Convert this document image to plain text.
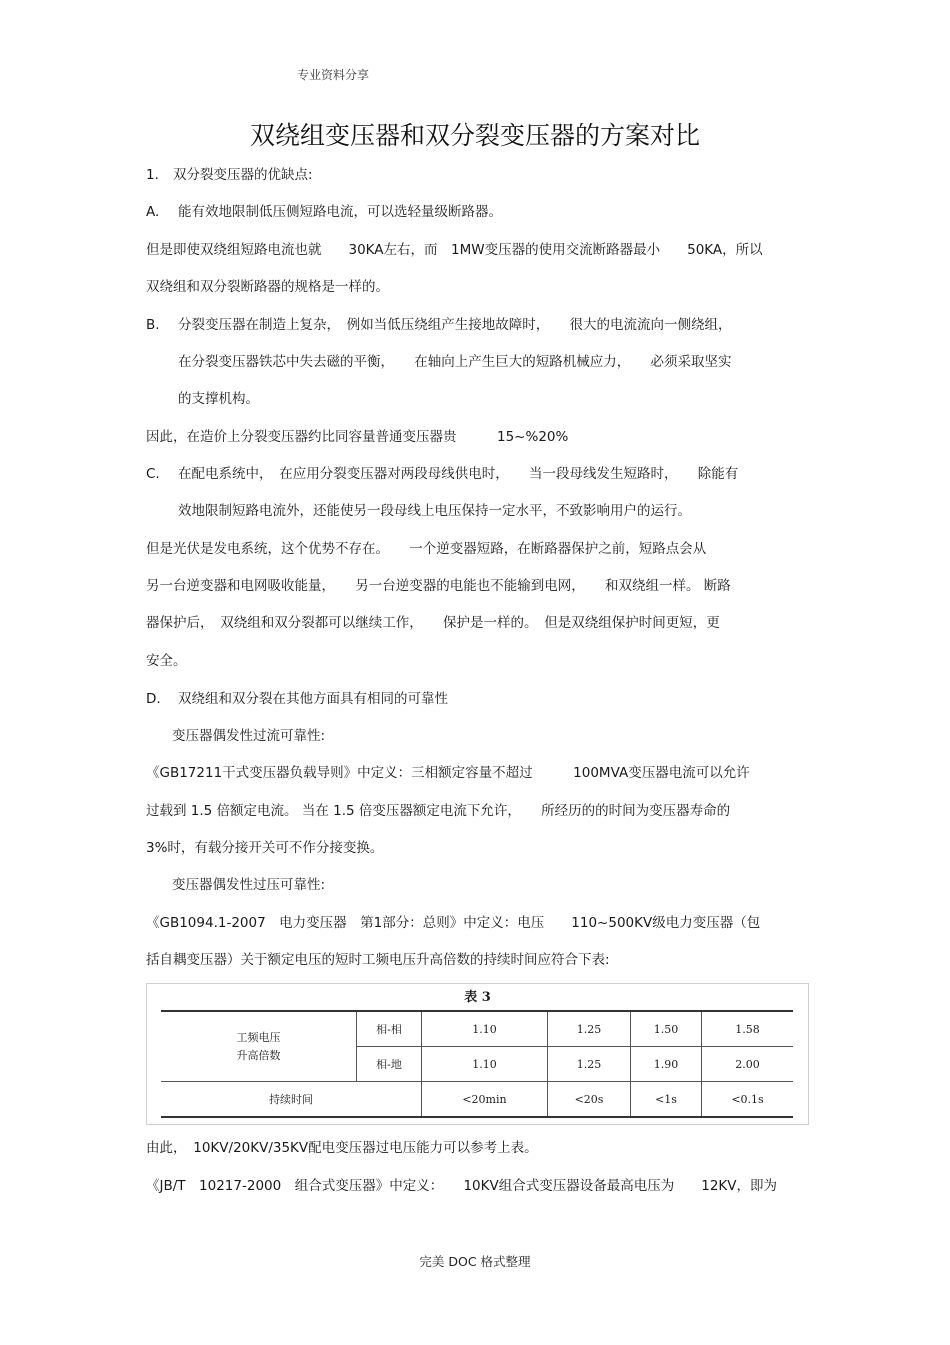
专业资料分享
双绕组变压器和双分裂变压器的方案对比
1. 双分裂变压器的优缺点:
A. 能有效地限制低压侧短路电流，可以选轻量级断路器。
但是即使双绕组短路电流也就　　30KA左右，而　1MW变压器的使用交流断路器最小　　50KA，所以
双绕组和双分裂断路器的规格是一样的。
B. 分裂变压器在制造上复杂，　例如当低压绕组产生接地故障时，　　很大的电流流向一侧绕组，
在分裂变压器铁芯中失去磁的平衡，　　在轴向上产生巨大的短路机械应力，　　必须采取坚实
的支撑机构。
因此，在造价上分裂变压器约比同容量普通变压器贵　　　15~%20%
C. 在配电系统中，　在应用分裂变压器对两段母线供电时，　　当一段母线发生短路时，　　除能有
效地限制短路电流外，还能使另一段母线上电压保持一定水平，不致影响用户的运行。
但是光伏是发电系统，这个优势不存在。　　一个逆变器短路，在断路器保护之前，短路点会从
另一台逆变器和电网吸收能量，　　另一台逆变器的电能也不能输到电网，　　和双绕组一样。 断路
器保护后，　双绕组和双分裂都可以继续工作，　　保护是一样的。　但是双绕组保护时间更短，更
安全。
D. 双绕组和双分裂在其他方面具有相同的可靠性
变压器偶发性过流可靠性:
《GB17211干式变压器负载导则》中定义：三相额定容量不超过　　　100MVA变压器电流可以允许
过载到 1.5 倍额定电流。 当在 1.5 倍变压器额定电流下允许，　　所经历的的时间为变压器寿命的
3%时，有载分接开关可不作分接变换。
变压器偶发性过压可靠性:
《GB1094.1-2007　电力变压器　第1部分：总则》中定义：电压　　110~500KV级电力变压器（包
括自耦变压器）关于额定电压的短时工频电压升高倍数的持续时间应符合下表:
表 3
工频电压
升高倍数	相-相	1.10	1.25	1.50	1.58
	相-地	1.10	1.25	1.90	2.00
持续时间		<20min	<20s	<1s	<0.1s
由此，　10KV/20KV/35KV配电变压器过电压能力可以参考上表。
《JB/T　10217-2000　组合式变压器》中定义：　　10KV组合式变压器设备最高电压为　　12KV，即为
完美 DOC 格式整理
